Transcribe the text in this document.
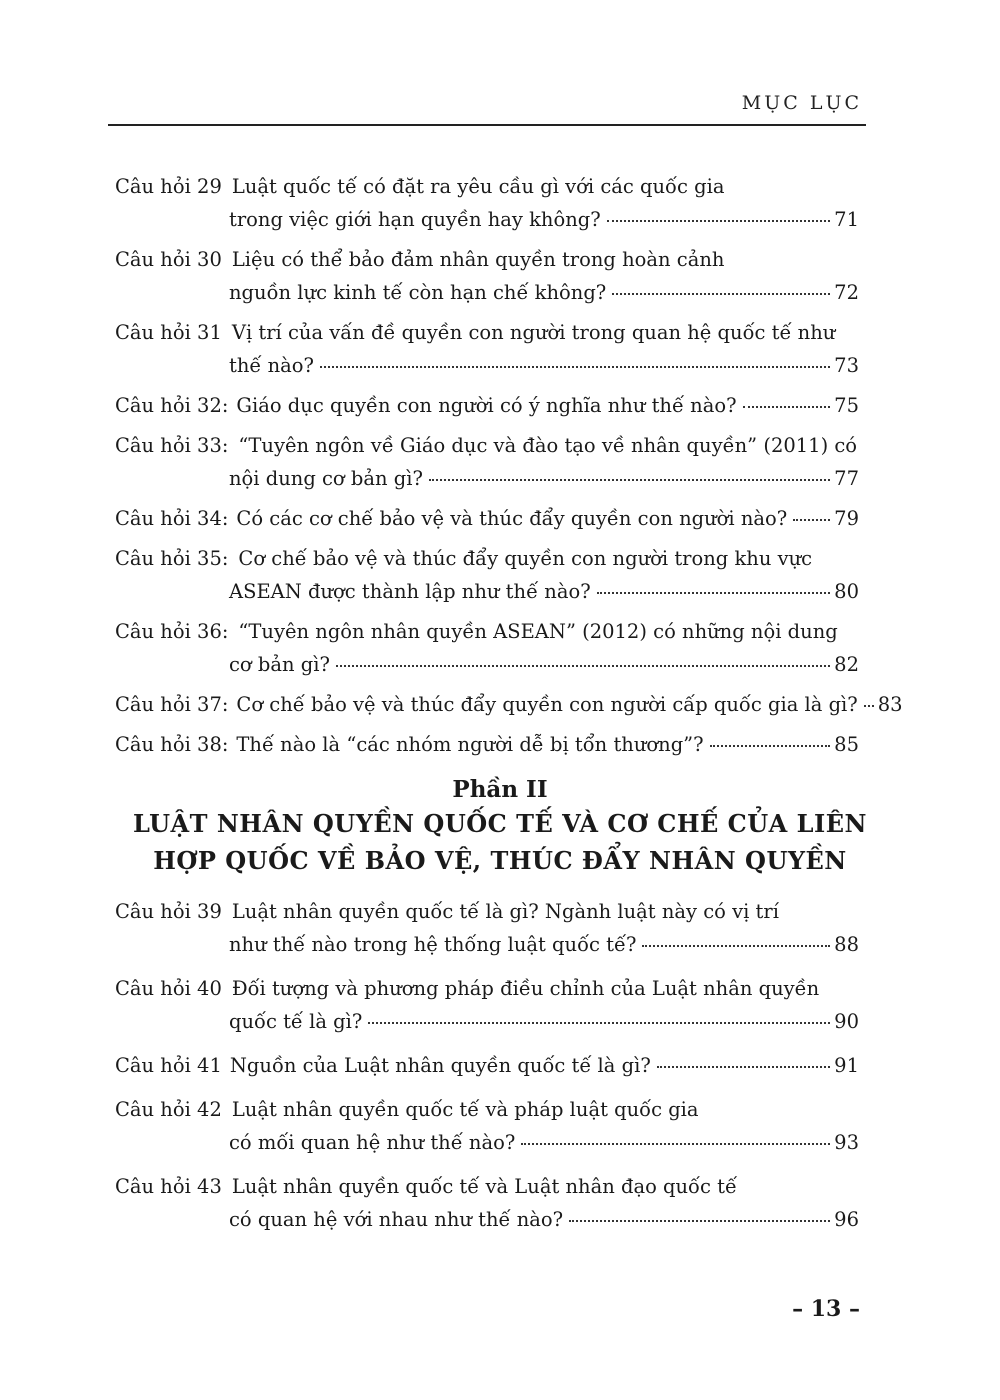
MỤC LỤC
Câu hỏi 29 Luật quốc tế có đặt ra yêu cầu gì với các quốc gia
trong việc giới hạn quyền hay không?	71
Câu hỏi 30 Liệu có thể bảo đảm nhân quyền trong hoàn cảnh
nguồn lực kinh tế còn hạn chế không?	72
Câu hỏi 31 Vị trí của vấn đề quyền con người trong quan hệ quốc tế như
thế nào?	73
Câu hỏi 32: Giáo dục quyền con người có ý nghĩa như thế nào?	75
Câu hỏi 33: “Tuyên ngôn về Giáo dục và đào tạo về nhân quyền” (2011) có
nội dung cơ bản gì?	77
Câu hỏi 34: Có các cơ chế bảo vệ và thúc đẩy quyền con người nào? 79
Câu hỏi 35: Cơ chế bảo vệ và thúc đẩy quyền con người trong khu vực
ASEAN được thành lập như thế nào?	80
Câu hỏi 36: “Tuyên ngôn nhân quyền ASEAN” (2012) có những nội dung
cơ bản gì?	82
Câu hỏi 37: Cơ chế bảo vệ và thúc đẩy quyền con người cấp quốc gia là gì? 83
Câu hỏi 38: Thế nào là “các nhóm người dễ bị tổn thương”?	85
Phần II
LUẬT NHÂN QUYỀN QUỐC TẾ VÀ CƠ CHẾ CỦA LIÊN
HỢP QUỐC VỀ BẢO VỆ, THÚC ĐẨY NHÂN QUYỀN
Câu hỏi 39 Luật nhân quyền quốc tế là gì? Ngành luật này có vị trí
như thế nào trong hệ thống luật quốc tế?	88
Câu hỏi 40 Đối tượng và phương pháp điều chỉnh của Luật nhân quyền
quốc tế là gì?	90
Câu hỏi 41 Nguồn của Luật nhân quyền quốc tế là gì?	91
Câu hỏi 42 Luật nhân quyền quốc tế và pháp luật quốc gia
có mối quan hệ như thế nào?	93
Câu hỏi 43 Luật nhân quyền quốc tế và Luật nhân đạo quốc tế
có quan hệ với nhau như thế nào?	96
– 13 –
